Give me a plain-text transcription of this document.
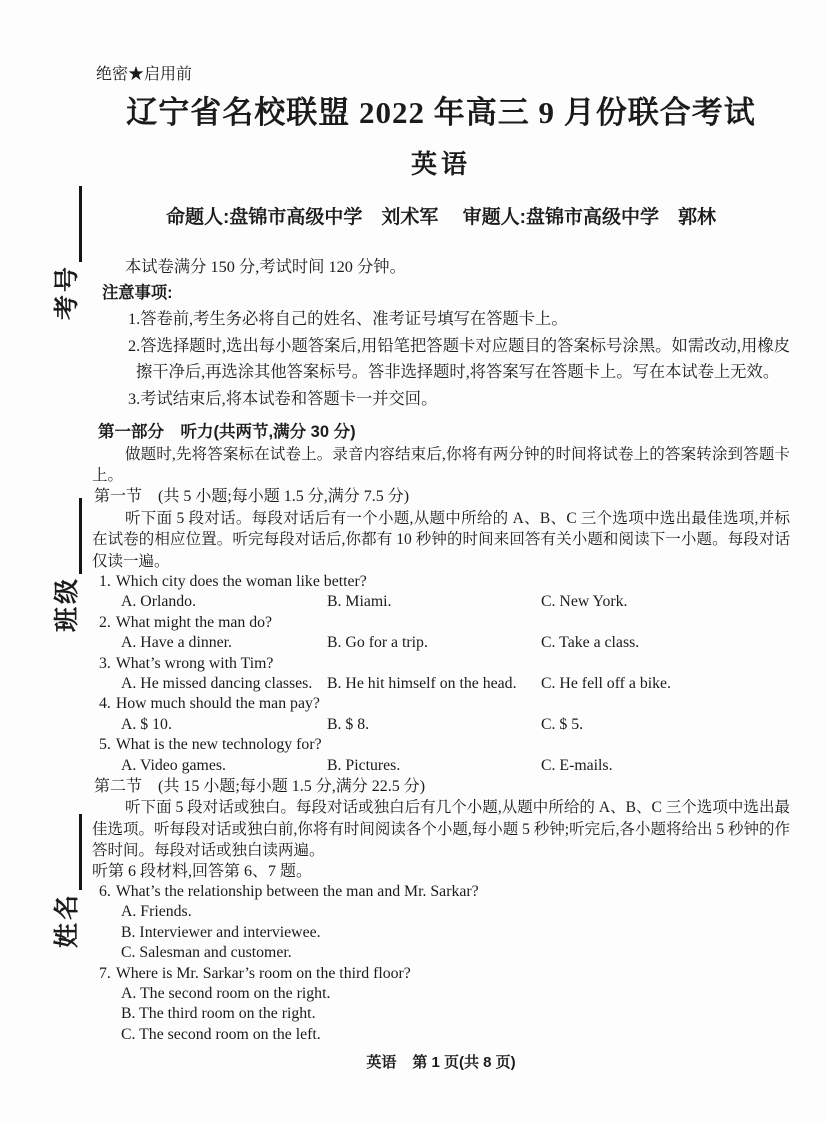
考号
班级
姓名
绝密★启用前
辽宁省名校联盟 2022 年高三 9 月份联合考试
英语
命题人:盘锦市高级中学　刘术军　 审题人:盘锦市高级中学　郭林
本试卷满分 150 分,考试时间 120 分钟。
注意事项:
1.答卷前,考生务必将自己的姓名、准考证号填写在答题卡上。
2.答选择题时,选出每小题答案后,用铅笔把答题卡对应题目的答案标号涂黑。如需改动,用橡皮擦干净后,再选涂其他答案标号。答非选择题时,将答案写在答题卡上。写在本试卷上无效。
3.考试结束后,将本试卷和答题卡一并交回。
第一部分　听力(共两节,满分 30 分)
做题时,先将答案标在试卷上。录音内容结束后,你将有两分钟的时间将试卷上的答案转涂到答题卡上。
第一节　(共 5 小题;每小题 1.5 分,满分 7.5 分)
听下面 5 段对话。每段对话后有一个小题,从题中所给的 A、B、C 三个选项中选出最佳选项,并标在试卷的相应位置。听完每段对话后,你都有 10 秒钟的时间来回答有关小题和阅读下一小题。每段对话仅读一遍。
1. Which city does the woman like better?
A. Orlando.	B. Miami.	C. New York.
2. What might the man do?
A. Have a dinner.	B. Go for a trip.	C. Take a class.
3. What’s wrong with Tim?
A. He missed dancing classes. B. He hit himself on the head.	C. He fell off a bike.
4. How much should the man pay?
A. $ 10.	B. $ 8.	C. $ 5.
5. What is the new technology for?
A. Video games.	B. Pictures.	C. E-mails.
第二节　(共 15 小题;每小题 1.5 分,满分 22.5 分)
听下面 5 段对话或独白。每段对话或独白后有几个小题,从题中所给的 A、B、C 三个选项中选出最佳选项。听每段对话或独白前,你将有时间阅读各个小题,每小题 5 秒钟;听完后,各小题将给出 5 秒钟的作答时间。每段对话或独白读两遍。
听第 6 段材料,回答第 6、7 题。
6. What’s the relationship between the man and Mr. Sarkar?
A. Friends.
B. Interviewer and interviewee.
C. Salesman and customer.
7. Where is Mr. Sarkar’s room on the third floor?
A. The second room on the right.
B. The third room on the right.
C. The second room on the left.
英语 第 1 页(共 8 页)
